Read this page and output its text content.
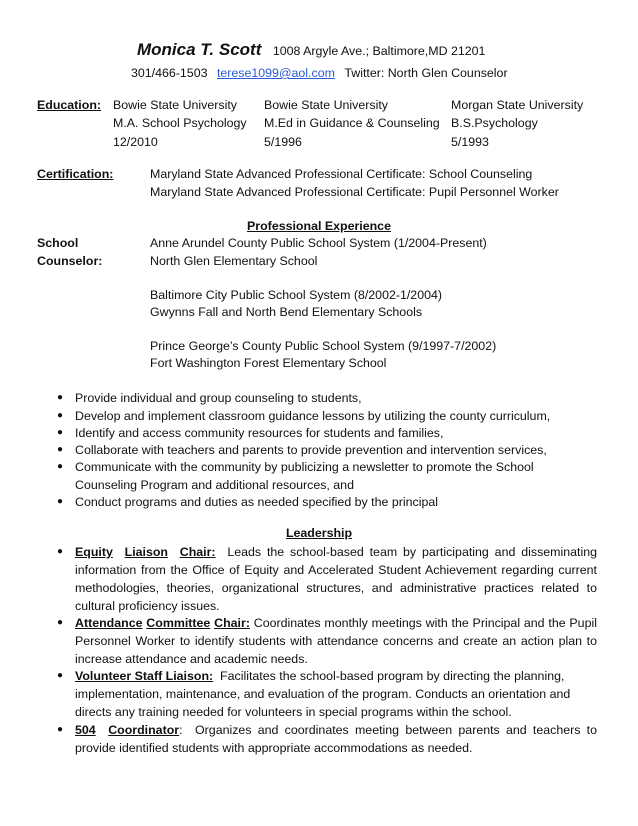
Monica T. Scott 1008 Argyle Ave.; Baltimore,MD 21201
301/466-1503 terese1099@aol.com Twitter: North Glen Counselor
Education: Bowie State University
M.A. School Psychology
12/2010
Bowie State University
M.Ed in Guidance & Counseling
5/1996
Morgan State University
B.S.Psychology
5/1993
Certification:	Maryland State Advanced Professional Certificate: School Counseling
Maryland State Advanced Professional Certificate: Pupil Personnel Worker
Professional Experience
School
Counselor:
Anne Arundel County Public School System (1/2004-Present)
North Glen Elementary School
Baltimore City Public School System (8/2002-1/2004)
Gwynns Fall and North Bend Elementary Schools
Prince George’s County Public School System (9/1997-7/2002)
Fort Washington Forest Elementary School
● Provide individual and group counseling to students,
● Develop and implement classroom guidance lessons by utilizing the county curriculum,
● Identify and access community resources for students and families,
● Collaborate with teachers and parents to provide prevention and intervention services,
● Communicate with the community by publicizing a newsletter to promote the School Counseling Program and additional resources, and
● Conduct programs and duties as needed specified by the principal
Leadership
● Equity Liaison Chair: Leads the school-based team by participating and disseminating information from the Office of Equity and Accelerated Student Achievement regarding current methodologies, theories, organizational structures, and administrative practices related to cultural proficiency issues.
● Attendance Committee Chair: Coordinates monthly meetings with the Principal and the Pupil Personnel Worker to identify students with attendance concerns and create an action plan to increase attendance and academic needs.
● Volunteer Staff Liaison: Facilitates the school-based program by directing the planning, implementation, maintenance, and evaluation of the program. Conducts an orientation and directs any training needed for volunteers in special programs within the school.
● 504 Coordinator: Organizes and coordinates meeting between parents and teachers to provide identified students with appropriate accommodations as needed.
